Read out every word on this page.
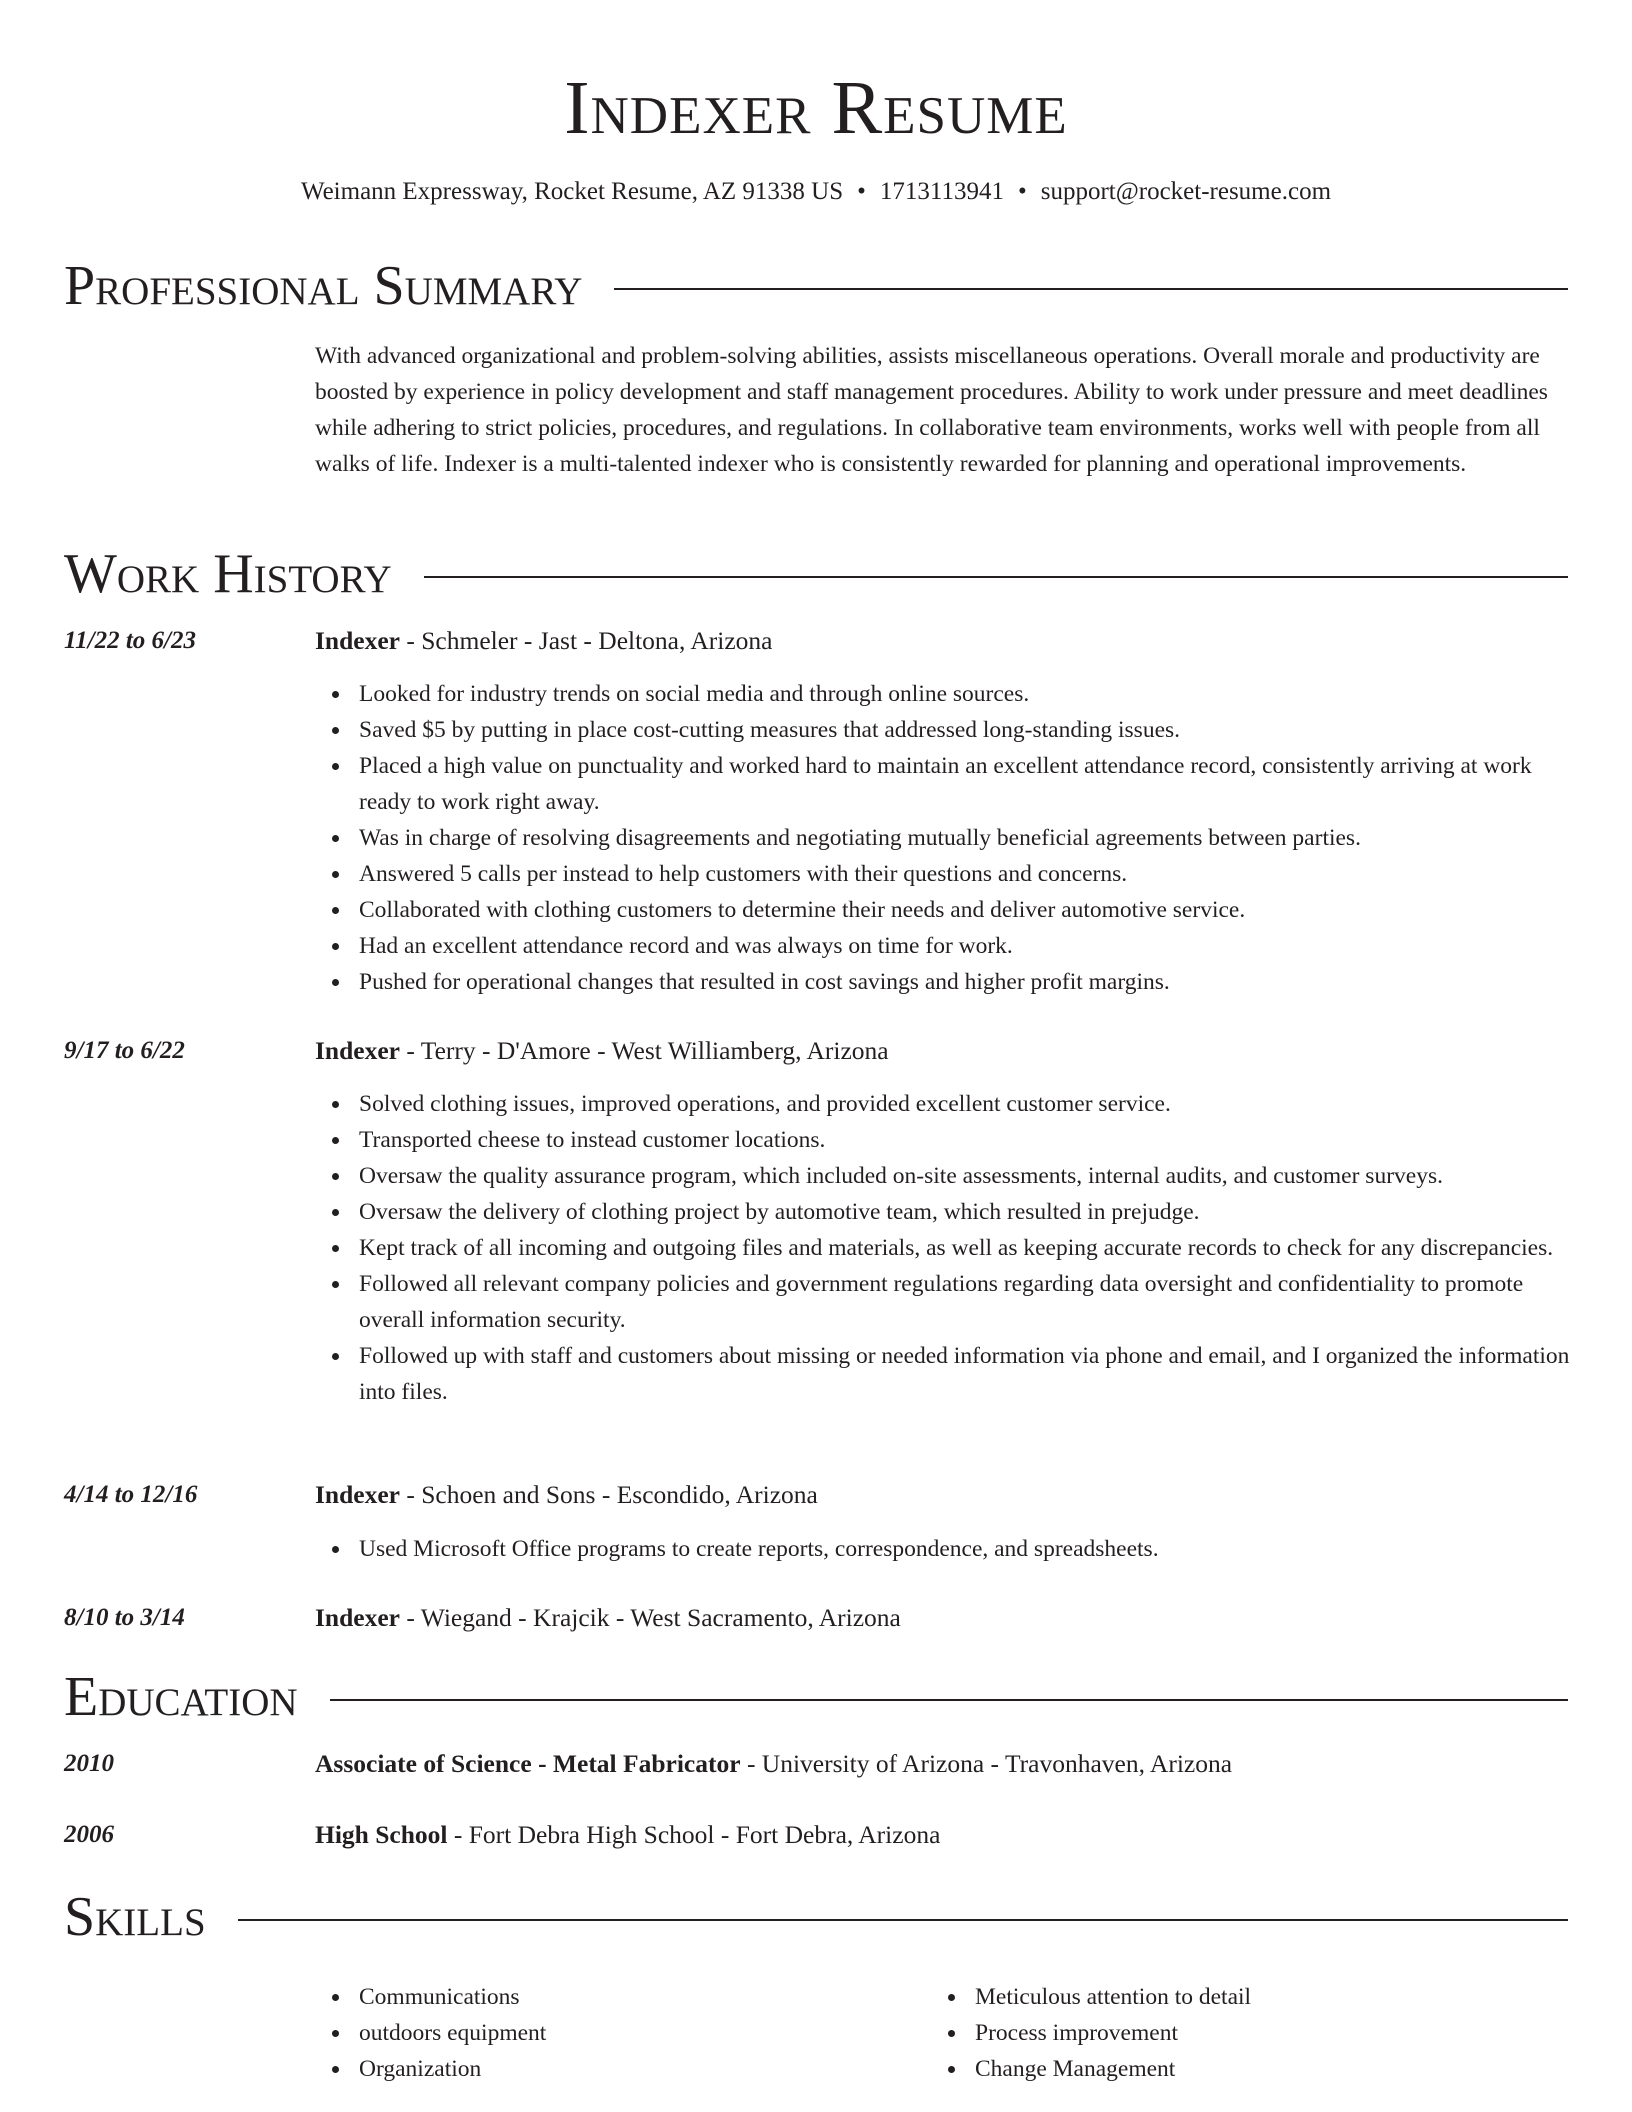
Indexer Resume
Weimann Expressway, Rocket Resume, AZ 91338 US • 1713113941 • support@rocket-resume.com
Professional Summary

With advanced organizational and problem-solving abilities, assists miscellaneous operations. Overall morale and productivity are boosted by experience in policy development and staff management procedures. Ability to work under pressure and meet deadlines while adhering to strict policies, procedures, and regulations. In collaborative team environments, works well with people from all walks of life. Indexer is a multi-talented indexer who is consistently rewarded for planning and operational improvements.

Work History
11/22 to 6/23	Indexer - Schmeler - Jast - Deltona, Arizona
Looked for industry trends on social media and through online sources.
Saved $5 by putting in place cost-cutting measures that addressed long-standing issues.
Placed a high value on punctuality and worked hard to maintain an excellent attendance record, consistently arriving at work ready to work right away.
Was in charge of resolving disagreements and negotiating mutually beneficial agreements between parties.
Answered 5 calls per instead to help customers with their questions and concerns.
Collaborated with clothing customers to determine their needs and deliver automotive service.
Had an excellent attendance record and was always on time for work.
Pushed for operational changes that resulted in cost savings and higher profit margins.
9/17 to 6/22	Indexer - Terry - D'Amore - West Williamberg, Arizona
Solved clothing issues, improved operations, and provided excellent customer service.
Transported cheese to instead customer locations.
Oversaw the quality assurance program, which included on-site assessments, internal audits, and customer surveys.
Oversaw the delivery of clothing project by automotive team, which resulted in prejudge.
Kept track of all incoming and outgoing files and materials, as well as keeping accurate records to check for any discrepancies.
Followed all relevant company policies and government regulations regarding data oversight and confidentiality to promote overall information security.
Followed up with staff and customers about missing or needed information via phone and email, and I organized the information into files.
4/14 to 12/16	Indexer - Schoen and Sons - Escondido, Arizona
Used Microsoft Office programs to create reports, correspondence, and spreadsheets.
8/10 to 3/14	Indexer - Wiegand - Krajcik - West Sacramento, Arizona
Education
2010	Associate of Science - Metal Fabricator - University of Arizona - Travonhaven, Arizona
2006	High School - Fort Debra High School - Fort Debra, Arizona
Skills
Communications
outdoors equipment
Organization
Meticulous attention to detail
Process improvement
Change Management
